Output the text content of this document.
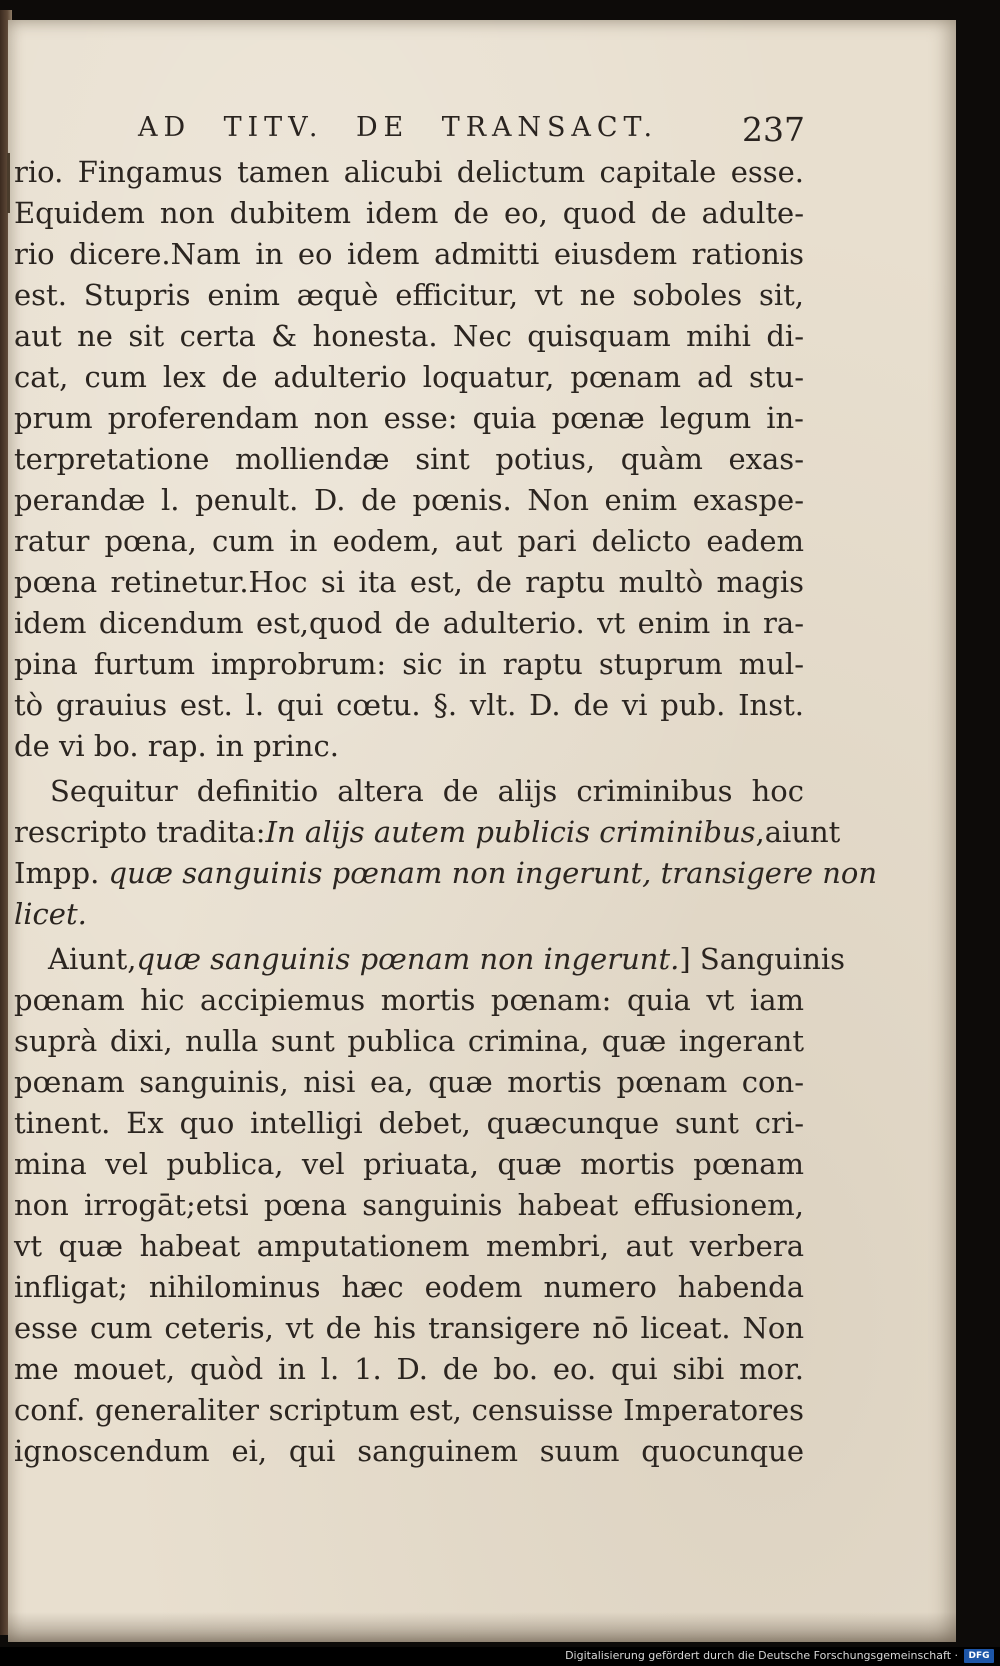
AD TITV. DE TRANSACT.	237
rio. Fingamus tamen alicubi delictum capitale esse.
Equidem non dubitem idem de eo, quod de adulte-
rio dicere.Nam in eo idem admitti eiusdem rationis
est. Stupris enim æquè efficitur, vt ne soboles sit,
aut ne sit certa & honesta. Nec quisquam mihi di-
cat, cum lex de adulterio loquatur, pœnam ad stu-
prum proferendam non esse: quia pœnæ legum in-
terpretatione molliendæ sint potius, quàm exas-
perandæ l. penult. D. de pœnis. Non enim exaspe-
ratur pœna, cum in eodem, aut pari delicto eadem
pœna retinetur.Hoc si ita est, de raptu multò magis
idem dicendum est,quod de adulterio. vt enim in ra-
pina furtum improbrum: sic in raptu stuprum mul-
tò grauius est. l. qui cœtu. §. vlt. D. de vi pub. Inst.
de vi bo. rap. in princ.
Sequitur definitio altera de alijs criminibus hoc
rescripto tradita:In alijs autem publicis criminibus,aiunt
Impp. quæ sanguinis pœnam non ingerunt, transigere non
licet.
Aiunt,quæ sanguinis pœnam non ingerunt.] Sanguinis
pœnam hic accipiemus mortis pœnam: quia vt iam
suprà dixi, nulla sunt publica crimina, quæ ingerant
pœnam sanguinis, nisi ea, quæ mortis pœnam con-
tinent. Ex quo intelligi debet, quæcunque sunt cri-
mina vel publica, vel priuata, quæ mortis pœnam
non irrogāt;etsi pœna sanguinis habeat effusionem,
vt quæ habeat amputationem membri, aut verbera
infligat; nihilominus hæc eodem numero habenda
esse cum ceteris, vt de his transigere nō liceat. Non
me mouet, quòd in l. 1. D. de bo. eo. qui sibi mor.
conf. generaliter scriptum est, censuisse Imperatores
ignoscendum ei, qui sanguinem suum quocunque
Digitalisierung gefördert durch die Deutsche Forschungsgemeinschaft ·	DFG
